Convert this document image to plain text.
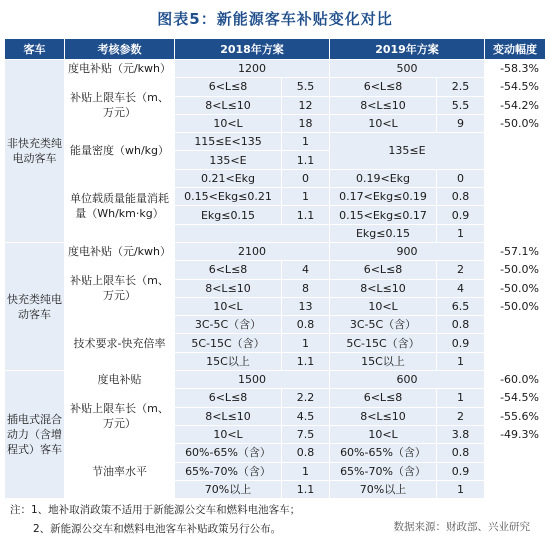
图表5：新能源客车补贴变化对比
客车	考核参数	2018年方案		2019年方案		变动幅度
非快充类纯电动客车	度电补贴（元/kwh）	1200		500		-58.3%
	补贴上限车长（m、万元）	6<L≤8	5.5	6<L≤8	2.5	-54.5%
		8<L≤10	12	8<L≤10	5.5	-54.2%
		10<L	18	10<L	9	-50.0%
	能量密度（wh/kg）	115≤E<135	1	135≤E		
		135<E	1.1			
	单位载质量能量消耗量（Wh/km·kg）	0.21<Ekg	0	0.19<Ekg	0	
		0.15<Ekg≤0.21	1	0.17<Ekg≤0.19	0.8	
		Ekg≤0.15	1.1	0.15<Ekg≤0.17	0.9	
				Ekg≤0.15	1	
快充类纯电动客车	度电补贴（元/kwh）	2100		900		-57.1%
	补贴上限车长（m、万元）	6<L≤8	4	6<L≤8	2	-50.0%
		8<L≤10	8	8<L≤10	4	-50.0%
		10<L	13	10<L	6.5	-50.0%
	技术要求-快充倍率	3C-5C（含）	0.8	3C-5C（含）	0.8	
		5C-15C（含）	1	5C-15C（含）	0.9	
		15C以上	1.1	15C以上	1	
插电式混合动力（含增程式）客车	度电补贴	1500		600		-60.0%
	补贴上限车长（m、万元）	6<L≤8	2.2	6<L≤8	1	-54.5%
		8<L≤10	4.5	8<L≤10	2	-55.6%
		10<L	7.5	10<L	3.8	-49.3%
	节油率水平	60%-65%（含）	0.8	60%-65%（含）	0.8	
		65%-70%（含）	1	65%-70%（含）	0.9	
		70%以上	1.1	70%以上	1	
注：1、地补取消政策不适用于新能源公交车和燃料电池客车；
2、新能源公交车和燃料电池客车补贴政策另行公布。	数据来源：财政部、兴业研究
